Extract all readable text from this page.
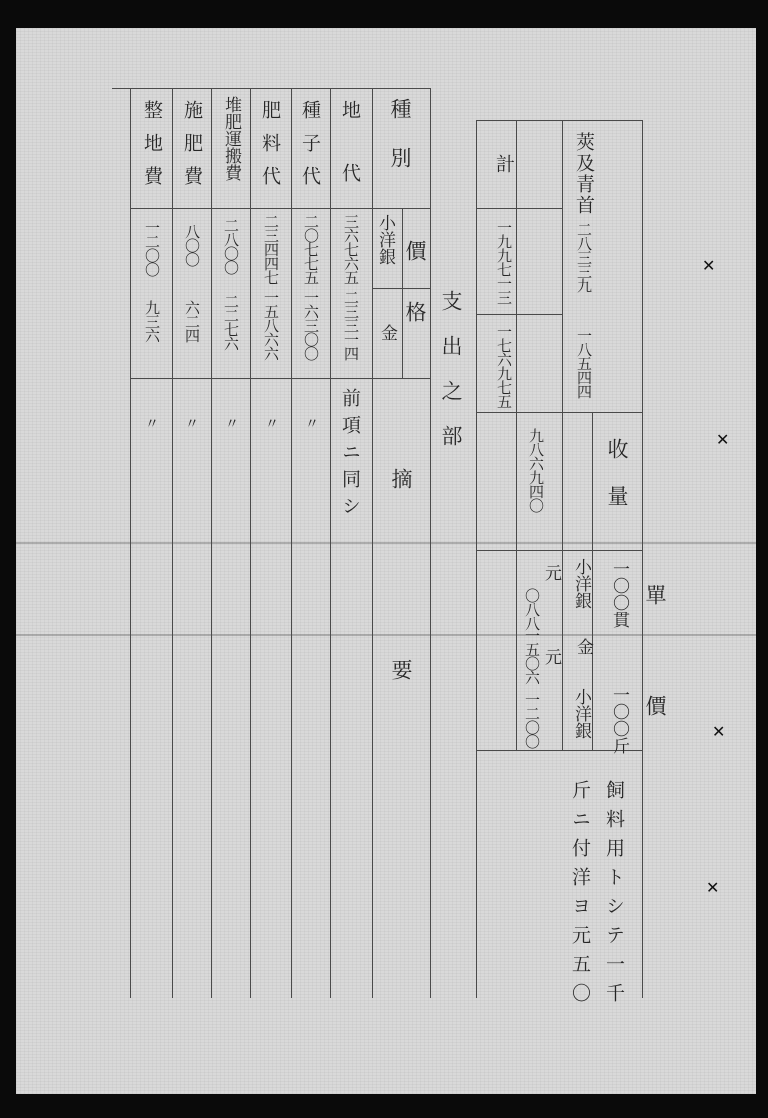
種別
價格
小洋銀
金
摘要
地代
三六七六五
二三三一四
前項ニ同シ
種子代
二〇七七五
一六三〇〇
〃
肥料代
二三四四七
一五八六六
〃
堆肥運搬費
二八〇〇
二二七六
〃
施肥費
八〇〇
六二四
〃
整地費
一二〇〇
九三六
〃	支出之部
莢及青首
計
二八三三九
一八五四四
一九九七一三
一七六九七五
收量
九八六九四〇
單價
一〇〇貫
一〇〇斤
小洋銀
金
小洋銀
元
〇八八
元
一五〇六
一二〇〇
飼料用トシテ一千
斤ニ付洋ヨ元五〇
✕
✕
✕
✕
